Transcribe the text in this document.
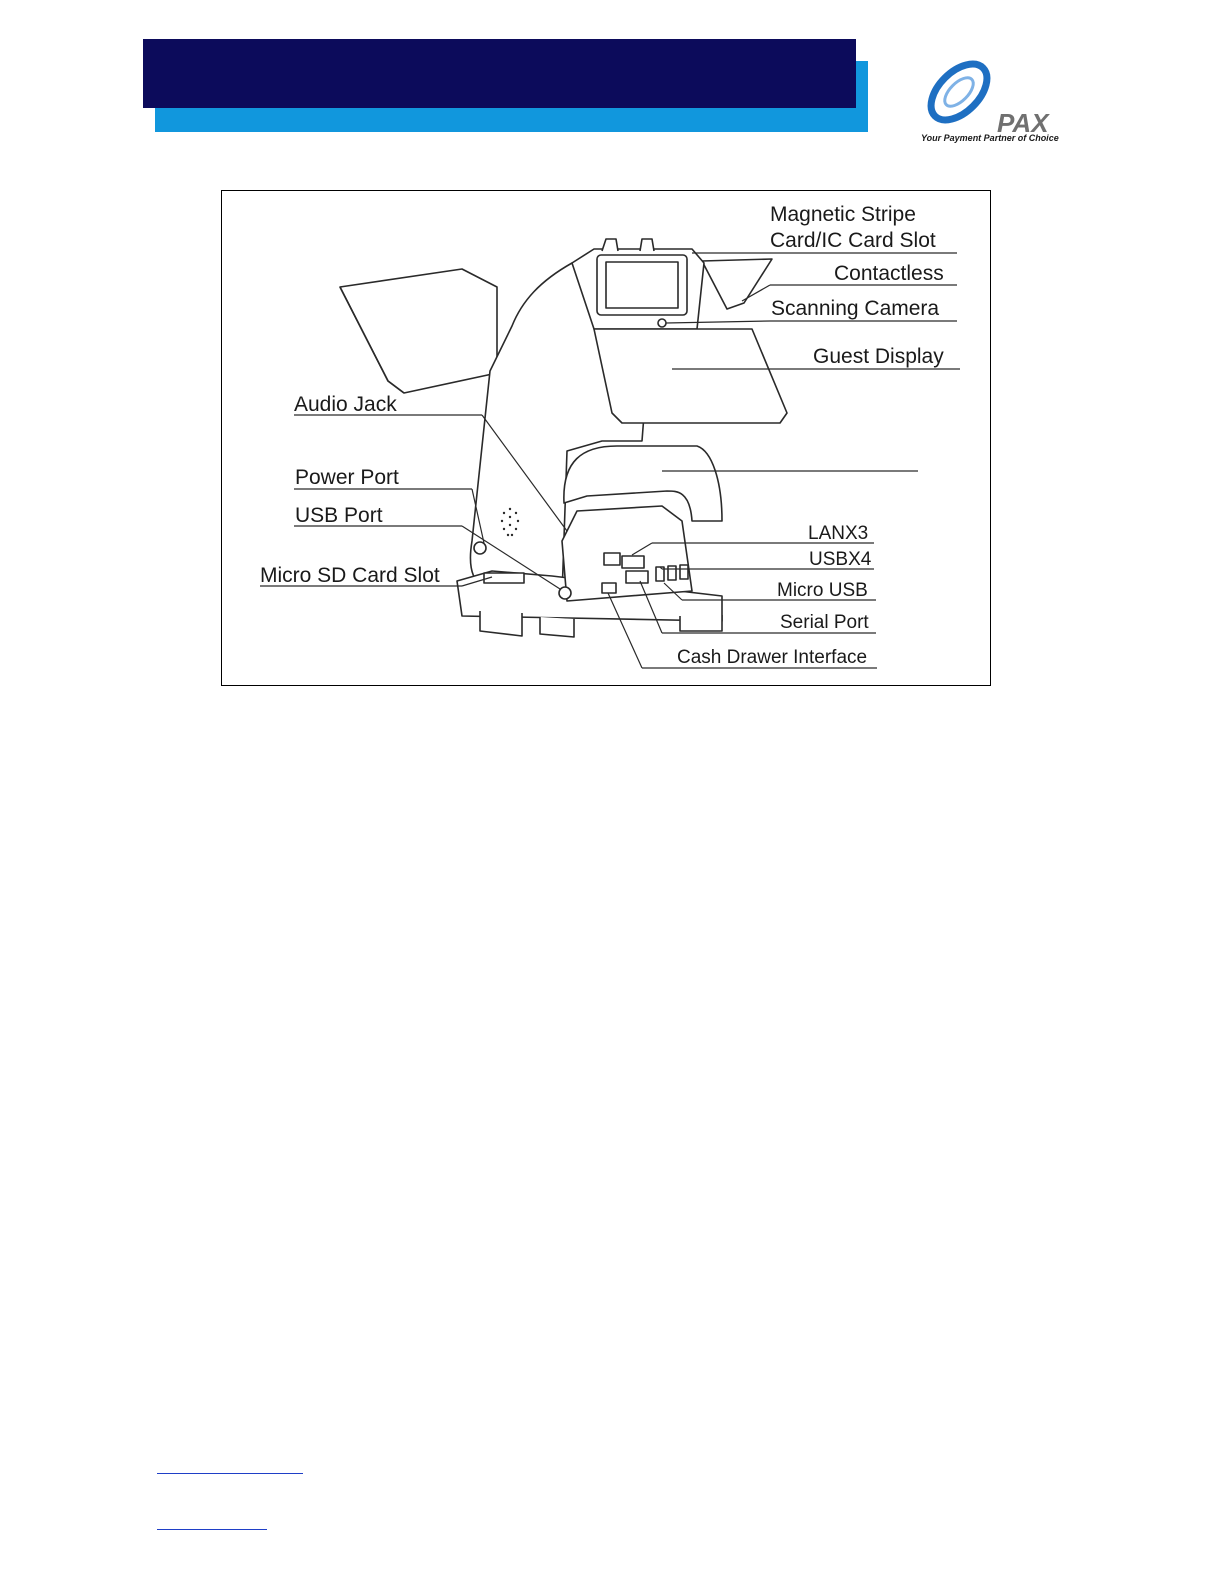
PAX
Your Payment Partner of Choice
Magnetic Stripe
Card/IC Card Slot
Contactless
Scanning Camera
Guest Display
Audio Jack
Power Port
USB Port
Micro SD Card Slot
LANX3
USBX4
Micro USB
Serial Port
Cash Drawer Interface
